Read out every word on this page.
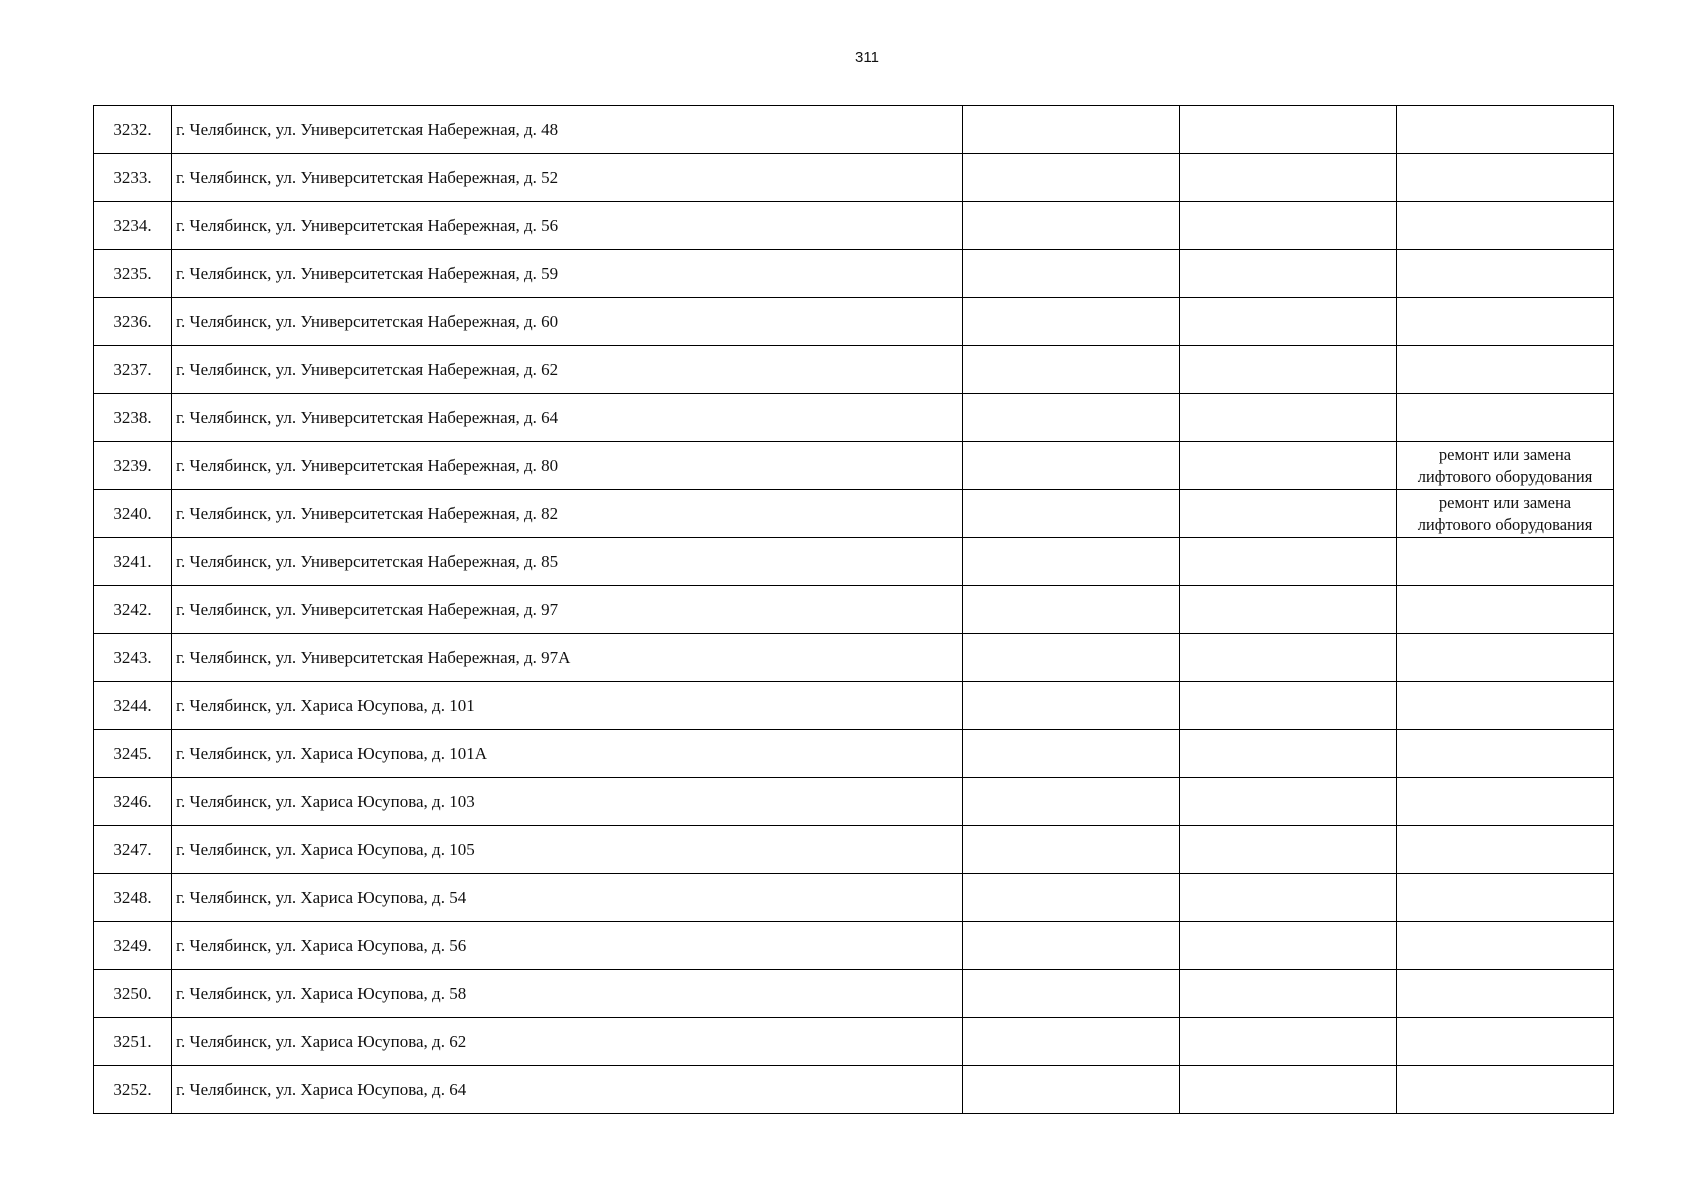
311
3232.	г. Челябинск, ул. Университетская Набережная, д. 48			
3233.	г. Челябинск, ул. Университетская Набережная, д. 52			
3234.	г. Челябинск, ул. Университетская Набережная, д. 56			
3235.	г. Челябинск, ул. Университетская Набережная, д. 59			
3236.	г. Челябинск, ул. Университетская Набережная, д. 60			
3237.	г. Челябинск, ул. Университетская Набережная, д. 62			
3238.	г. Челябинск, ул. Университетская Набережная, д. 64			
3239.	г. Челябинск, ул. Университетская Набережная, д. 80			ремонт или замена
лифтового оборудования

3240.	г. Челябинск, ул. Университетская Набережная, д. 82			ремонт или замена
лифтового оборудования

3241.	г. Челябинск, ул. Университетская Набережная, д. 85			
3242.	г. Челябинск, ул. Университетская Набережная, д. 97			
3243.	г. Челябинск, ул. Университетская Набережная, д. 97А			
3244.	г. Челябинск, ул. Хариса Юсупова, д. 101			
3245.	г. Челябинск, ул. Хариса Юсупова, д. 101А			
3246.	г. Челябинск, ул. Хариса Юсупова, д. 103			
3247.	г. Челябинск, ул. Хариса Юсупова, д. 105			
3248.	г. Челябинск, ул. Хариса Юсупова, д. 54			
3249.	г. Челябинск, ул. Хариса Юсупова, д. 56			
3250.	г. Челябинск, ул. Хариса Юсупова, д. 58			
3251.	г. Челябинск, ул. Хариса Юсупова, д. 62			
3252.	г. Челябинск, ул. Хариса Юсупова, д. 64			
